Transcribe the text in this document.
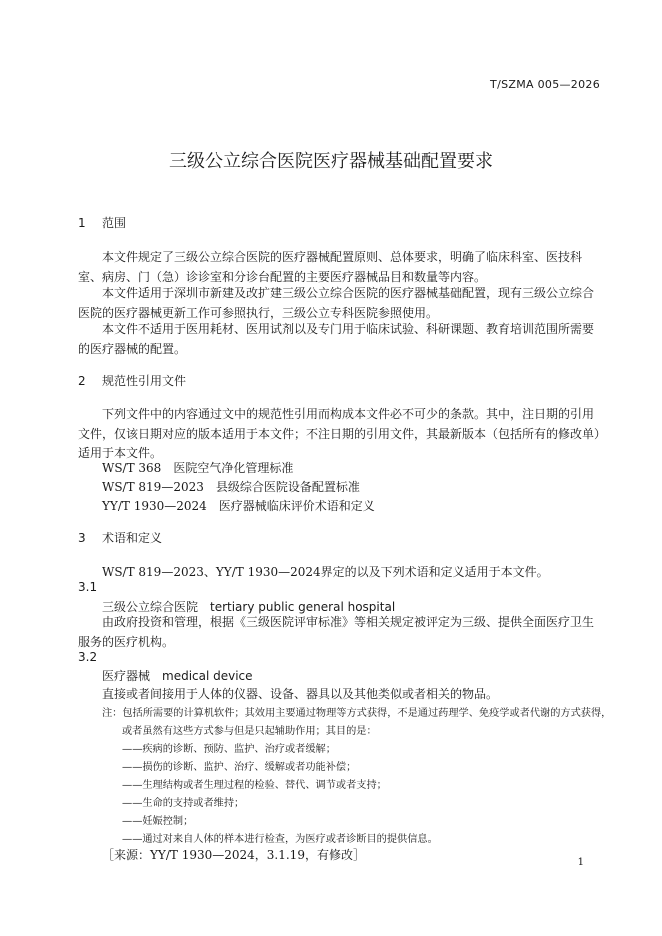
T/SZMA 005—2026
三级公立综合医院医疗器械基础配置要求
1 范围
本文件规定了三级公立综合医院的医疗器械配置原则、总体要求，明确了临床科室、医技科室、病房、门（急）诊诊室和分诊台配置的主要医疗器械品目和数量等内容。
本文件适用于深圳市新建及改扩建三级公立综合医院的医疗器械基础配置，现有三级公立综合医院的医疗器械更新工作可参照执行，三级公立专科医院参照使用。
本文件不适用于医用耗材、医用试剂以及专门用于临床试验、科研课题、教育培训范围所需要的医疗器械的配置。
2 规范性引用文件
下列文件中的内容通过文中的规范性引用而构成本文件必不可少的条款。其中，注日期的引用文件，仅该日期对应的版本适用于本文件；不注日期的引用文件，其最新版本（包括所有的修改单）适用于本文件。
WS/T 368　医院空气净化管理标准
WS/T 819—2023　县级综合医院设备配置标准
YY/T 1930—2024　医疗器械临床评价术语和定义
3 术语和定义
WS/T 819—2023、YY/T 1930—2024界定的以及下列术语和定义适用于本文件。
3.1
三级公立综合医院　tertiary public general hospital
由政府投资和管理，根据《三级医院评审标准》等相关规定被评定为三级、提供全面医疗卫生服务的医疗机构。
3.2
医疗器械　medical device
直接或者间接用于人体的仪器、设备、器具以及其他类似或者相关的物品。
注：包括所需要的计算机软件；其效用主要通过物理等方式获得，不是通过药理学、免疫学或者代谢的方式获得，
或者虽然有这些方式参与但是只起辅助作用；其目的是：
——疾病的诊断、预防、监护、治疗或者缓解；
——损伤的诊断、监护、治疗、缓解或者功能补偿；
——生理结构或者生理过程的检验、替代、调节或者支持；
——生命的支持或者维持；
——妊娠控制；
——通过对来自人体的样本进行检查，为医疗或者诊断目的提供信息。
［来源：YY/T 1930—2024，3.1.19，有修改］
1
